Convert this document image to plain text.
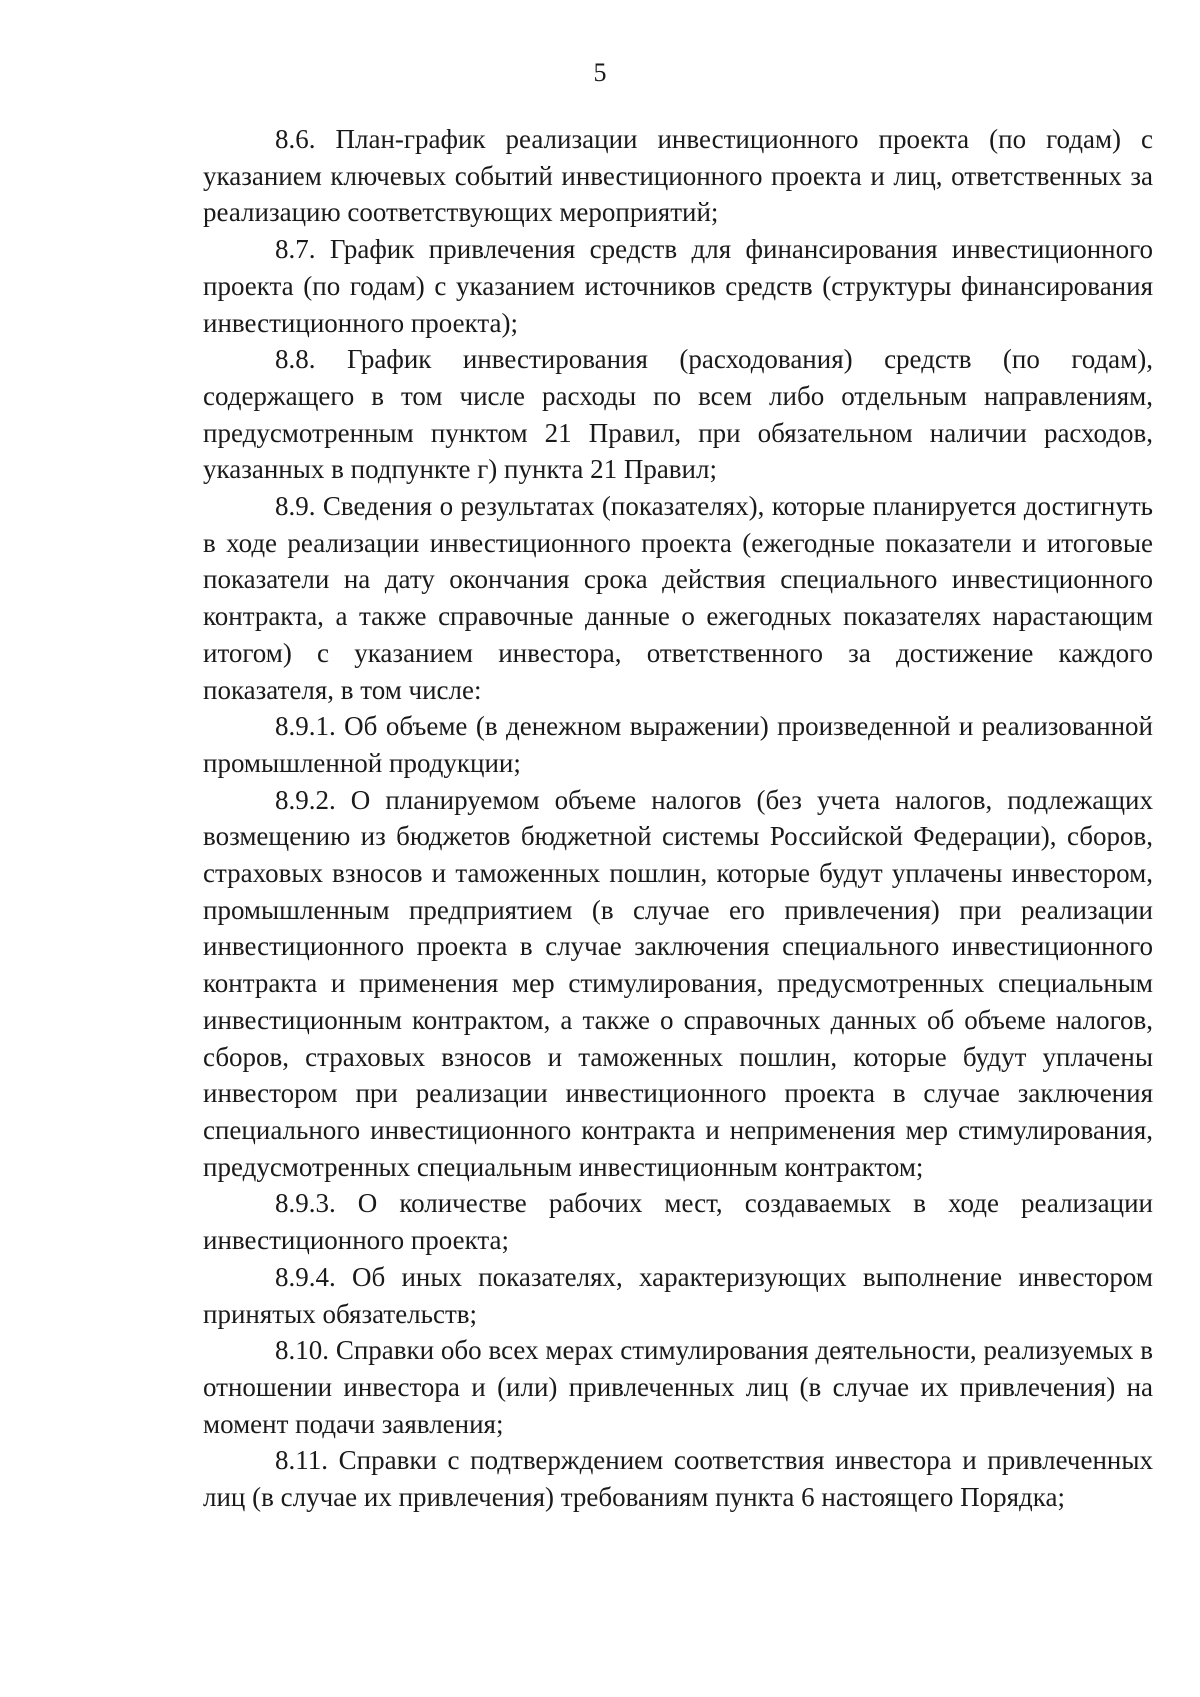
5

8.6. План-график реализации инвестиционного проекта (по годам) с указанием ключевых событий инвестиционного проекта и лиц, ответственных за реализацию соответствующих мероприятий;

8.7. График привлечения средств для финансирования инвестиционного проекта (по годам) с указанием источников средств (структуры финансирования инвестиционного проекта);

8.8. График инвестирования (расходования) средств (по годам), содержащего в том числе расходы по всем либо отдельным направлениям, предусмотренным пунктом 21 Правил, при обязательном наличии расходов, указанных в подпункте г) пункта 21 Правил;

8.9. Сведения о результатах (показателях), которые планируется достигнуть в ходе реализации инвестиционного проекта (ежегодные показатели и итоговые показатели на дату окончания срока действия специального инвестиционного контракта, а также справочные данные о ежегодных показателях нарастающим итогом) с указанием инвестора, ответственного за достижение каждого показателя, в том числе:

8.9.1. Об объеме (в денежном выражении) произведенной и реализованной промышленной продукции;

8.9.2. О планируемом объеме налогов (без учета налогов, подлежащих возмещению из бюджетов бюджетной системы Российской Федерации), сборов, страховых взносов и таможенных пошлин, которые будут уплачены инвестором, промышленным предприятием (в случае его привлечения) при реализации инвестиционного проекта в случае заключения специального инвестиционного контракта и применения мер стимулирования, предусмотренных специальным инвестиционным контрактом, а также о справочных данных об объеме налогов, сборов, страховых взносов и таможенных пошлин, которые будут уплачены инвестором при реализации инвестиционного проекта в случае заключения специального инвестиционного контракта и неприменения мер стимулирования, предусмотренных специальным инвестиционным контрактом;

8.9.3. О количестве рабочих мест, создаваемых в ходе реализации инвестиционного проекта;

8.9.4. Об иных показателях, характеризующих выполнение инвестором принятых обязательств;

8.10. Справки обо всех мерах стимулирования деятельности, реализуемых в отношении инвестора и (или) привлеченных лиц (в случае их привлечения) на момент подачи заявления;

8.11. Справки с подтверждением соответствия инвестора и привлеченных лиц (в случае их привлечения) требованиям пункта 6 настоящего Порядка;
